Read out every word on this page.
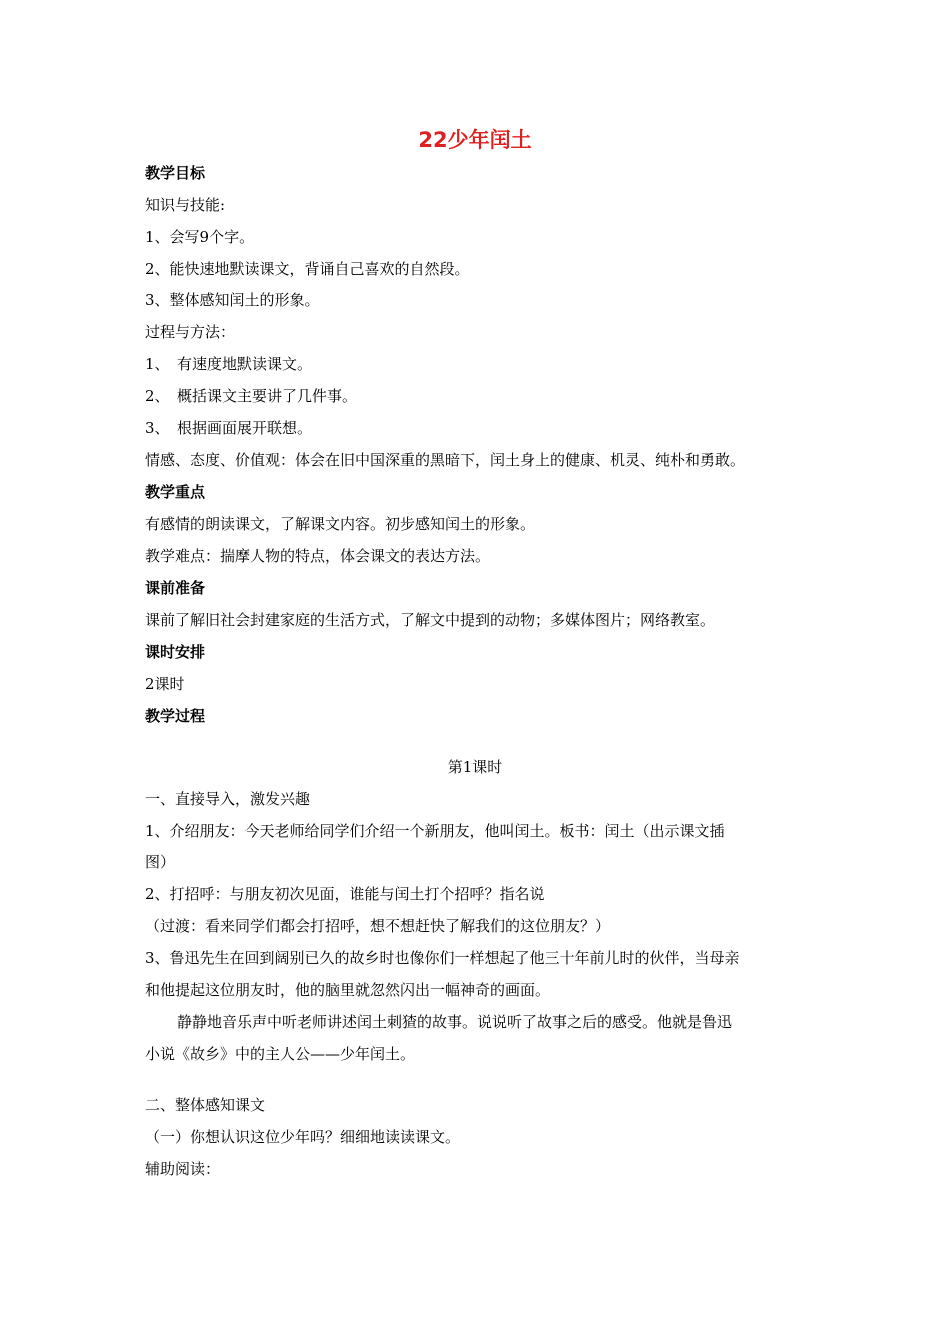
22少年闰土
教学目标
知识与技能:
1、会写9个字。
2、能快速地默读课文，背诵自己喜欢的自然段。
3、整体感知闰土的形象。
过程与方法：
1、　有速度地默读课文。
2、　概括课文主要讲了几件事。
3、　根据画面展开联想。
情感、态度、价值观：体会在旧中国深重的黑暗下，闰土身上的健康、机灵、纯朴和勇敢。
教学重点
有感情的朗读课文，了解课文内容。初步感知闰土的形象。
教学难点：揣摩人物的特点，体会课文的表达方法。
课前准备
课前了解旧社会封建家庭的生活方式，了解文中提到的动物；多媒体图片；网络教室。
课时安排
2课时
教学过程
第1课时
一、直接导入，激发兴趣
1、介绍朋友：今天老师给同学们介绍一个新朋友，他叫闰土。板书：闰土（出示课文插
图）
2、打招呼：与朋友初次见面，谁能与闰土打个招呼？指名说
（过渡：看来同学们都会打招呼，想不想赶快了解我们的这位朋友？）
3、鲁迅先生在回到阔别已久的故乡时也像你们一样想起了他三十年前儿时的伙伴，当母亲
和他提起这位朋友时，他的脑里就忽然闪出一幅神奇的画面。
静静地音乐声中听老师讲述闰土刺猹的故事。说说听了故事之后的感受。他就是鲁迅
小说《故乡》中的主人公——少年闰土。
二、整体感知课文
（一）你想认识这位少年吗？细细地读读课文。
辅助阅读：
